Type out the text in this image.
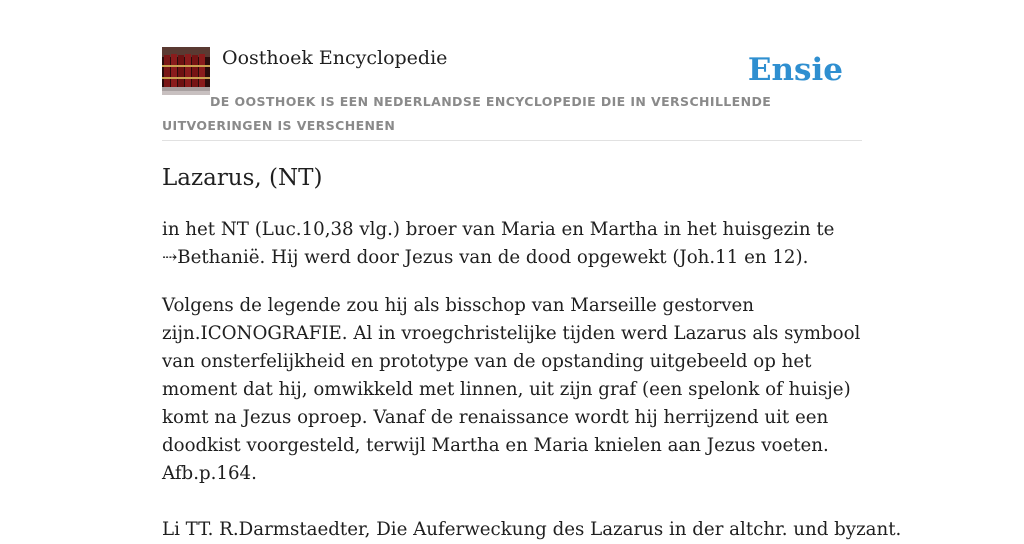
Oosthoek Encyclopedie	Ensie
DE OOSTHOEK IS EEN NEDERLANDSE ENCYCLOPEDIE DIE IN VERSCHILLENDE UITVOERINGEN IS VERSCHENEN
Lazarus, (NT)

in het NT (Luc.10,38 vlg.) broer van Maria en Martha in het huisgezin te ⇢Bethanië. Hij werd door Jezus van de dood opgewekt (Joh.11 en 12).

Volgens de legende zou hij als bisschop van Marseille gestorven zijn.ICONOGRAFIE. Al in vroegchristelijke tijden werd Lazarus als symbool van onsterfelijkheid en prototype van de opstanding uitgebeeld op het moment dat hij, omwikkeld met linnen, uit zijn graf (een spelonk of huisje) komt na Jezus oproep. Vanaf de renaissance wordt hij herrijzend uit een doodkist voorgesteld, terwijl Martha en Maria knielen aan Jezus voeten. Afb.p.164.

Li TT. R.Darmstaedter, Die Auferweckung des Lazarus in der altchr. und byzant.
